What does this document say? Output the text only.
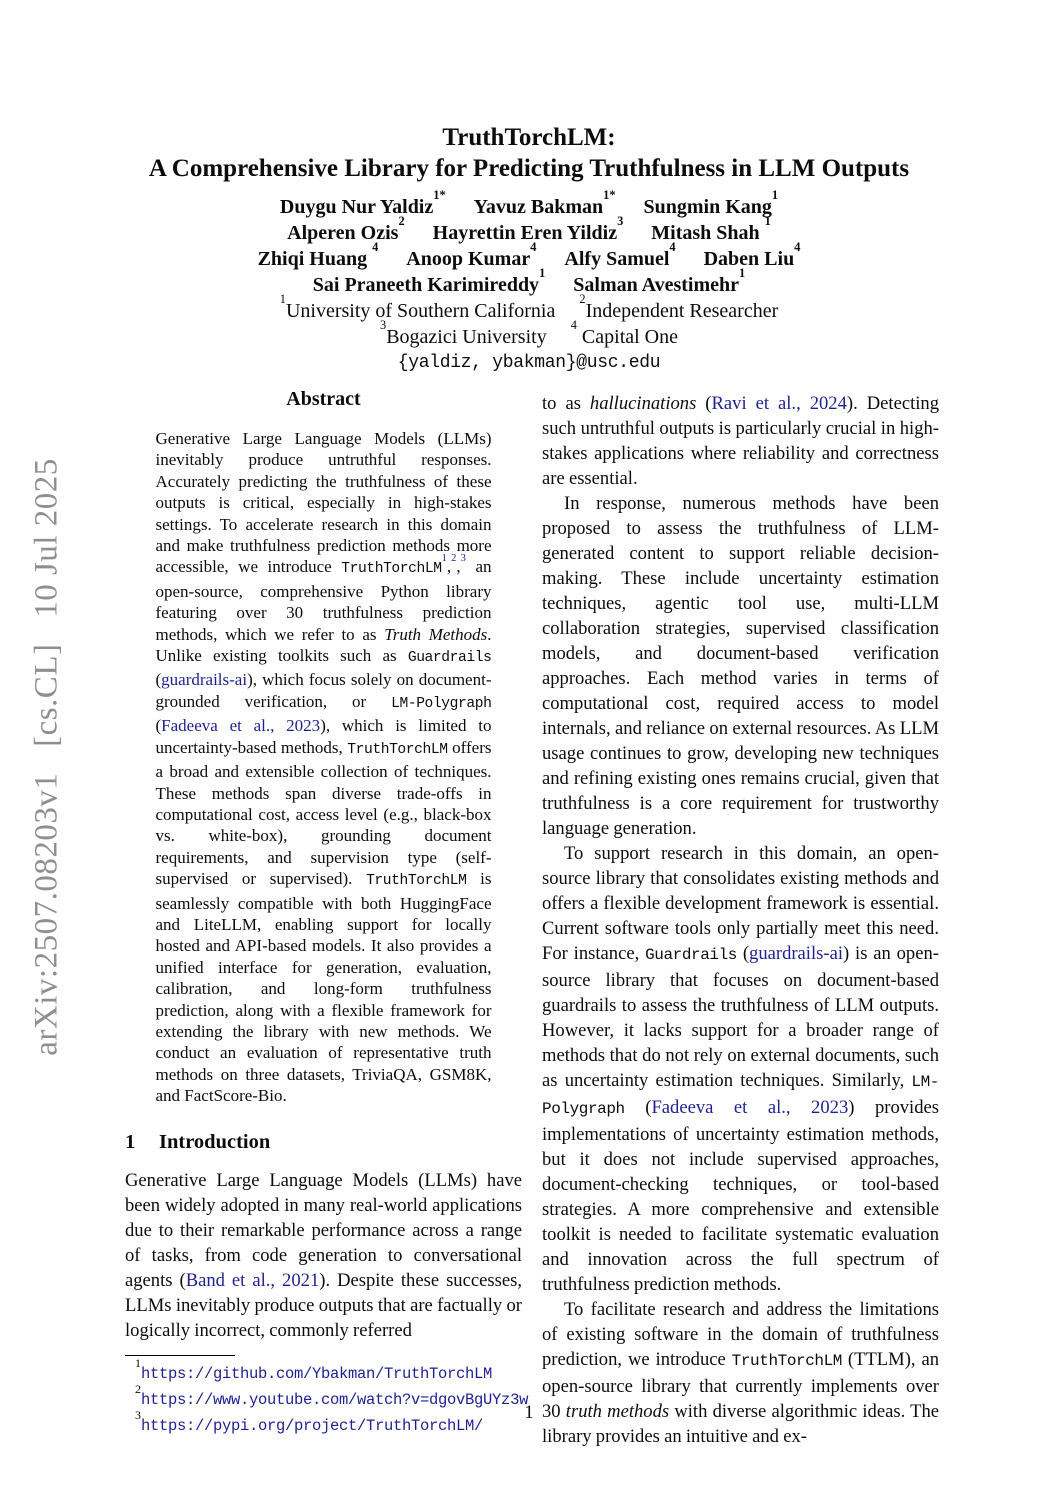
arXiv:2507.08203v1  [cs.CL]  10 Jul 2025
TruthTorchLM:
A Comprehensive Library for Predicting Truthfulness in LLM Outputs
Duygu Nur Yaldiz$^{1*}$ Yavuz Bakman$^{1*}$ Sungmin Kang$^1$
Alperen Ozis$^2$ Hayrettin Eren Yildiz$^3$ Mitash Shah $^1$
Zhiqi Huang $^4$ Anoop Kumar$^4$ Alfy Samuel$^4$ Daben Liu$^4$
Sai Praneeth Karimireddy$^1$ Salman Avestimehr$^1$
$^1$University of Southern California $^2$Independent Researcher
$^3$Bogazici University $^4$ Capital One
{yaldiz, ybakman}@usc.edu
Abstract

Generative Large Language Models (LLMs) inevitably produce untruthful responses. Accurately predicting the truthfulness of these outputs is critical, especially in high-stakes settings. To accelerate research in this domain and make truthfulness prediction methods more accessible, we introduce TruthTorchLM$^1$,$^2$,$^3$ an open-source, comprehensive Python library featuring over 30 truthfulness prediction methods, which we refer to as Truth Methods. Unlike existing toolkits such as Guardrails (guardrails-ai), which focus solely on document-grounded verification, or LM-Polygraph (Fadeeva et al., 2023), which is limited to uncertainty-based methods, TruthTorchLM offers a broad and extensible collection of techniques. These methods span diverse trade-offs in computational cost, access level (e.g., black-box vs. white-box), grounding document requirements, and supervision type (self-supervised or supervised). TruthTorchLM is seamlessly compatible with both HuggingFace and LiteLLM, enabling support for locally hosted and API-based models. It also provides a unified interface for generation, evaluation, calibration, and long-form truthfulness prediction, along with a flexible framework for extending the library with new methods. We conduct an evaluation of representative truth methods on three datasets, TriviaQA, GSM8K, and FactScore-Bio.

1 Introduction

Generative Large Language Models (LLMs) have been widely adopted in many real-world applications due to their remarkable performance across a range of tasks, from code generation to conversational agents (Band et al., 2021). Despite these successes, LLMs inevitably produce outputs that are factually or logically incorrect, commonly referred

$^1$https://github.com/Ybakman/TruthTorchLM
$^2$https://www.youtube.com/watch?v=dgovBgUYz3w
$^3$https://pypi.org/project/TruthTorchLM/

to as hallucinations (Ravi et al., 2024). Detecting such untruthful outputs is particularly crucial in high-stakes applications where reliability and correctness are essential.

In response, numerous methods have been proposed to assess the truthfulness of LLM-generated content to support reliable decision-making. These include uncertainty estimation techniques, agentic tool use, multi-LLM collaboration strategies, supervised classification models, and document-based verification approaches. Each method varies in terms of computational cost, required access to model internals, and reliance on external resources. As LLM usage continues to grow, developing new techniques and refining existing ones remains crucial, given that truthfulness is a core requirement for trustworthy language generation.

To support research in this domain, an open-source library that consolidates existing methods and offers a flexible development framework is essential. Current software tools only partially meet this need. For instance, Guardrails (guardrails-ai) is an open-source library that focuses on document-based guardrails to assess the truthfulness of LLM outputs. However, it lacks support for a broader range of methods that do not rely on external documents, such as uncertainty estimation techniques. Similarly, LM-Polygraph (Fadeeva et al., 2023) provides implementations of uncertainty estimation methods, but it does not include supervised approaches, document-checking techniques, or tool-based strategies. A more comprehensive and extensible toolkit is needed to facilitate systematic evaluation and innovation across the full spectrum of truthfulness prediction methods.

To facilitate research and address the limitations of existing software in the domain of truthfulness prediction, we introduce TruthTorchLM (TTLM), an open-source library that currently implements over 30 truth methods with diverse algorithmic ideas. The library provides an intuitive and ex-

1
